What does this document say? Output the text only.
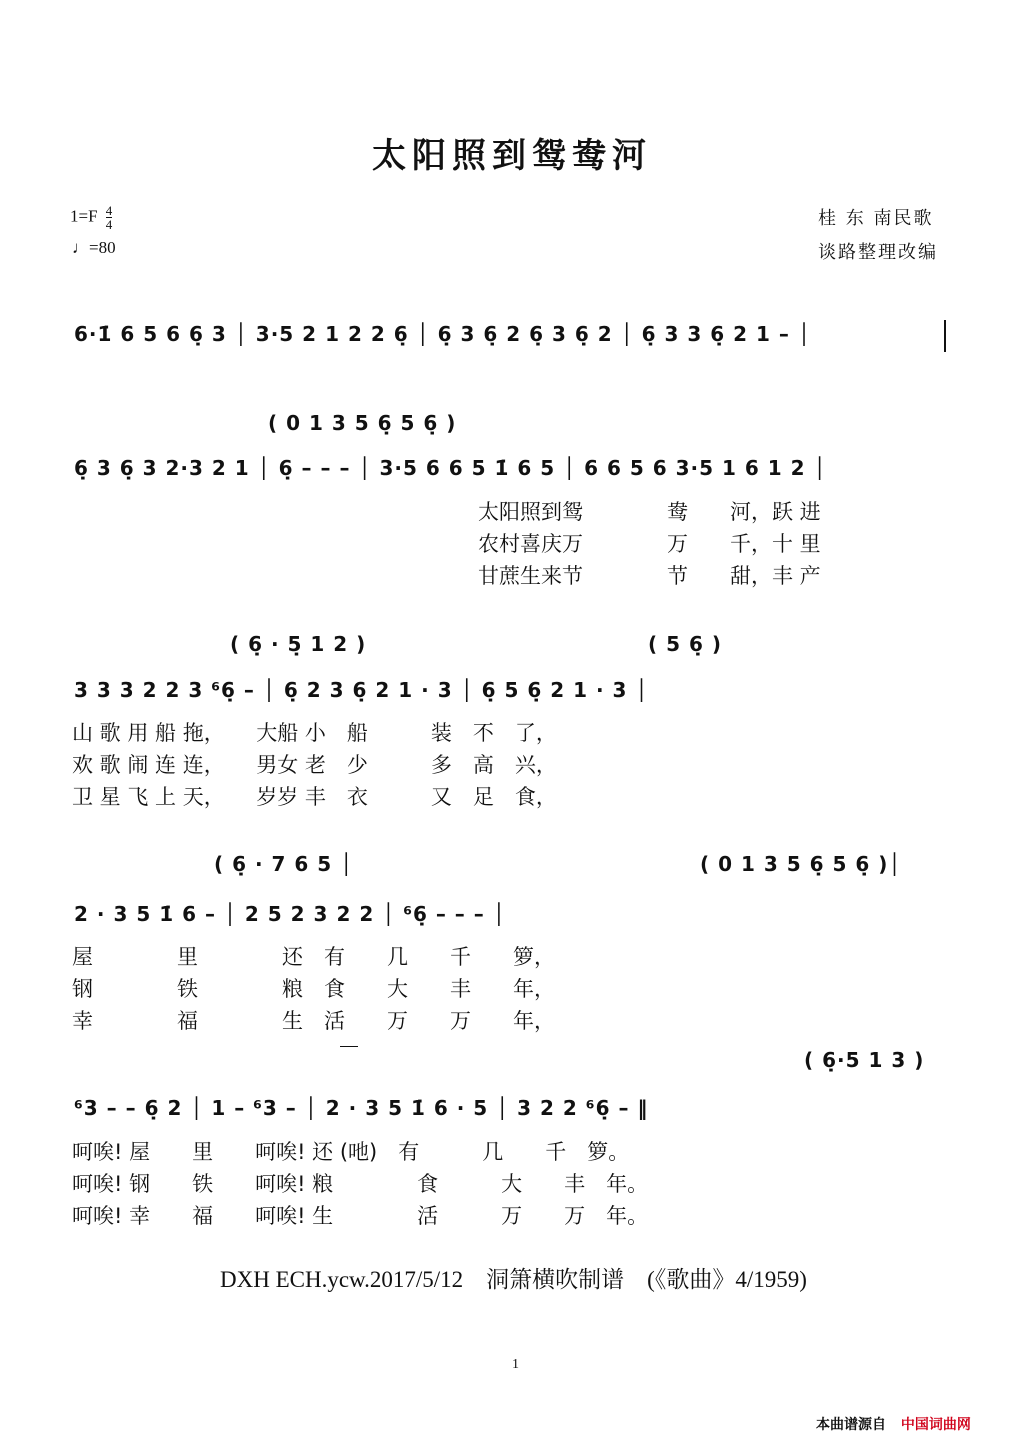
太阳照到鸳鸯河
$1=F \frac{4}{4}$
♩=80
桂 东 南民歌
谈路整理改编
6·1̇ 6 5 6 6̣ 3 │ 3·5 2 1 2 2 6̣ │ 6̣ 3 6̣ 2 6̣ 3 6̣ 2 │ 6̣ 3 3 6̣ 2 1 – │
( 0 1 3 5 6̣ 5 6̣ )
6̣ 3 6̣ 3 2·3 2 1 │ 6̣ – – – │ 3·5 6 6 5 1̇ 6 5 │ 6 6 5 6 3·5 1 6 1 2 │
太阳照到鸳　　　　鸯　　河，跃 进
农村喜庆万　　　　万　　千，十 里
甘蔗生来节　　　　节　　甜，丰 产
( 6̣ · 5̣ 1 2 )	( 5 6̣ )
3 3 3 2 2 3 ⁶6̣ – │ 6̣ 2 3 6̣ 2 1 · 3 │ 6̣ 5 6̣ 2 1 · 3 │
山 歌 用 船 拖，　　大船 小　船　　　装　不　了，
欢 歌 闹 连 连，　　男女 老　少　　　多　高　兴，
卫 星 飞 上 天，　　岁岁 丰　衣　　　又　足　食，
( 6̣ · 7 6 5 │	( 0 1 3 5 6̣ 5 6̣ )│
2 · 3 5 1̇ 6 – │ 2 5 2 3 2 2 │ ⁶6̣ – – – │
屋　　　　里　　　　还　有　　几　　千　　箩，
钢　　　　铁　　　　粮　食　　大　　丰　　年，
幸　　　　福　　　　生　活　　万　　万　　年，
( 6̣·5 1 3 )
⁶3 – – 6̣ 2 │ 1 – ⁶3 – │ 2 · 3 5 1̇ 6 · 5 │ 3 2 2 ⁶6̣ – ‖
呵唉! 屋　　里　　呵唉! 还 (吔)　有　　　几　　千　箩。
呵唉! 钢　　铁　　呵唉! 粮　　　　食　　　大　　丰　年。
呵唉! 幸　　福　　呵唉! 生　　　　活　　　万　　万　年。
DXH ECH.ycw.2017/5/12　洞箫横吹制谱　(《歌曲》4/1959)
1
本曲谱源自 中国词曲网
